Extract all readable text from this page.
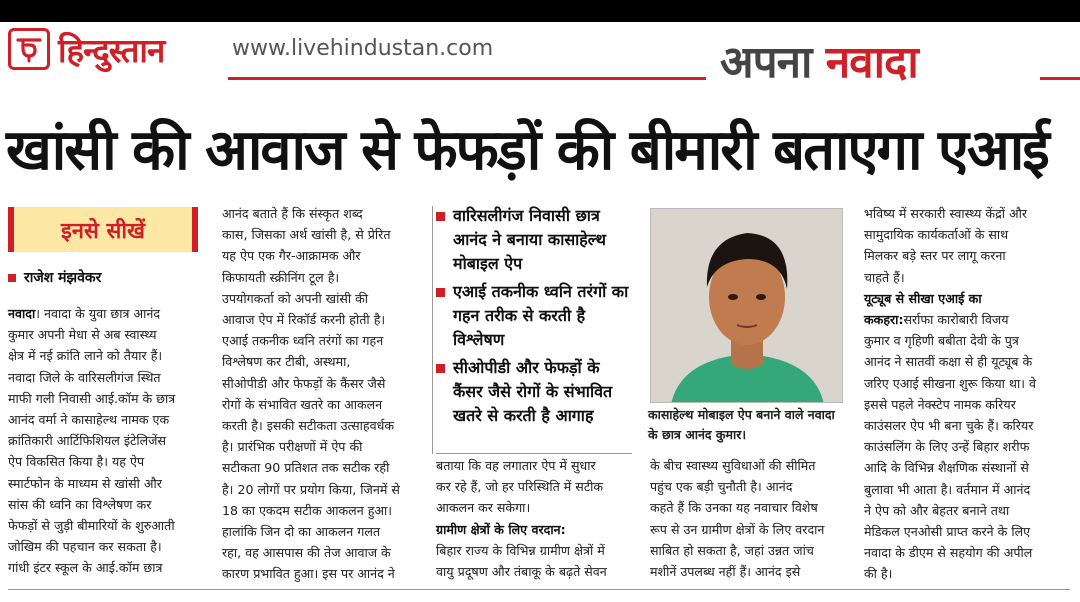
हिन्दुस्तान	www.livehindustan.com	अपना नवादा
खांसी की आवाज से फेफड़ों की बीमारी बताएगा एआई
इनसे सीखें
राजेश मंझवेकर
नवादा। नवादा के युवा छात्र आनंद
कुमार अपनी मेधा से अब स्वास्थ्य
क्षेत्र में नई क्रांति लाने को तैयार हैं।
नवादा जिले के वारिसलीगंज स्थित
माफी गली निवासी आई.कॉम के छात्र
आनंद वर्मा ने कासाहेल्थ नामक एक
क्रांतिकारी आर्टिफिशियल इंटेलिजेंस
ऐप विकसित किया है। यह ऐप
स्मार्टफोन के माध्यम से खांसी और
सांस की ध्वनि का विश्लेषण कर
फेफड़ों से जुड़ी बीमारियों के शुरुआती
जोखिम की पहचान कर सकता है।
गांधी इंटर स्कूल के आई.कॉम छात्र
आनंद बताते हैं कि संस्कृत शब्द
कास, जिसका अर्थ खांसी है, से प्रेरित
यह ऐप एक गैर-आक्रामक और
किफायती स्क्रीनिंग टूल है।
उपयोगकर्ता को अपनी खांसी की
आवाज ऐप में रिकॉर्ड करनी होती है।
एआई तकनीक ध्वनि तरंगों का गहन
विश्लेषण कर टीबी, अस्थमा,
सीओपीडी और फेफड़ों के कैंसर जैसे
रोगों के संभावित खतरे का आकलन
करती है। इसकी सटीकता उत्साहवर्धक
है। प्रारंभिक परीक्षणों में ऐप की
सटीकता 90 प्रतिशत तक सटीक रही
है। 20 लोगों पर प्रयोग किया, जिनमें से
18 का एकदम सटीक आकलन हुआ।
हालांकि जिन दो का आकलन गलत
रहा, वह आसपास की तेज आवाज के
कारण प्रभावित हुआ। इस पर आनंद ने
वारिसलीगंज निवासी छात्र आनंद ने बनाया कासाहेल्थ मोबाइल ऐप
एआई तकनीक ध्वनि तरंगों का गहन तरीक से करती है विश्लेषण
सीओपीडी और फेफड़ों के कैंसर जैसे रोगों के संभावित खतरे से करती है आगाह	कासाहेल्थ मोबाइल ऐप बनाने वाले नवादा के छात्र आनंद कुमार।
बताया कि वह लगातार ऐप में सुधार
कर रहे हैं, जो हर परिस्थिति में सटीक
आकलन कर सकेगा।
ग्रामीण क्षेत्रों के लिए वरदान:
बिहार राज्य के विभिन्न ग्रामीण क्षेत्रों में
वायु प्रदूषण और तंबाकू के बढ़ते सेवन
के बीच स्वास्थ्य सुविधाओं की सीमित
पहुंच एक बड़ी चुनौती है। आनंद
कहते हैं कि उनका यह नवाचार विशेष
रूप से उन ग्रामीण क्षेत्रों के लिए वरदान
साबित हो सकता है, जहां उन्नत जांच
मशीनें उपलब्ध नहीं हैं। आनंद इसे
भविष्य में सरकारी स्वास्थ्य केंद्रों और
सामुदायिक कार्यकर्ताओं के साथ
मिलकर बड़े स्तर पर लागू करना
चाहते हैं।
यूट्यूब से सीखा एआई का
ककहरा:सर्राफा कारोबारी विजय
कुमार व गृहिणी बबीता देवी के पुत्र
आनंद ने सातवीं कक्षा से ही यूट्यूब के
जरिए एआई सीखना शुरू किया था। वे
इससे पहले नेक्स्टेप नामक करियर
काउंसलर ऐप भी बना चुके हैं। करियर
काउंसलिंग के लिए उन्हें बिहार शरीफ
आदि के विभिन्न शैक्षणिक संस्थानों से
बुलावा भी आता है। वर्तमान में आनंद
ने ऐप को और बेहतर बनाने तथा
मेडिकल एनओसी प्राप्त करने के लिए
नवादा के डीएम से सहयोग की अपील
की है।
